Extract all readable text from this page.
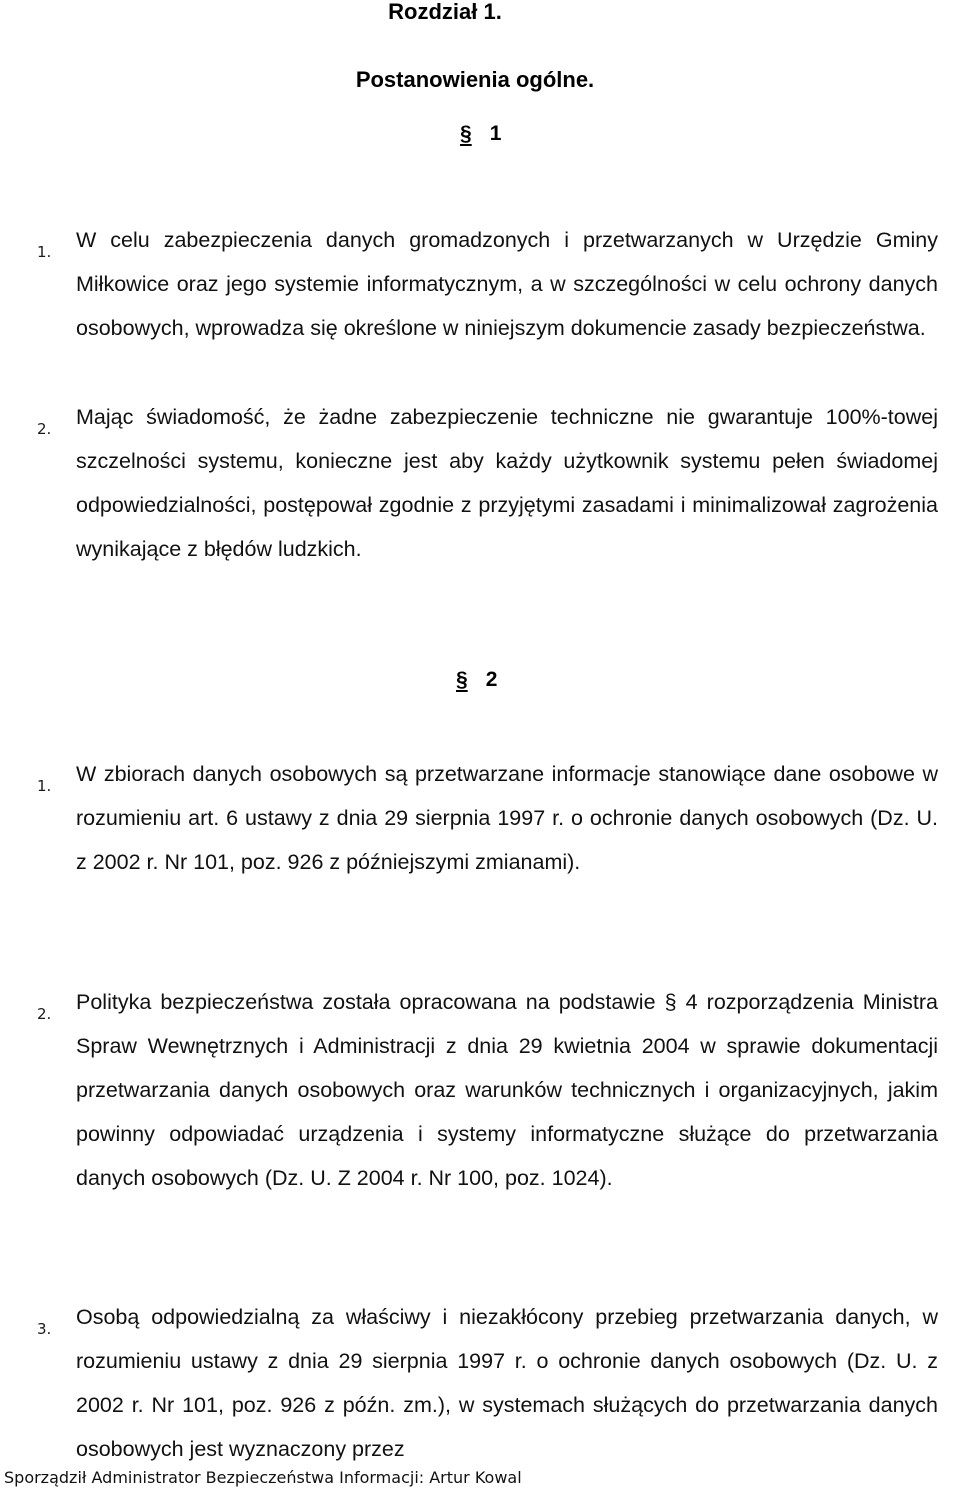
Rozdział 1.
Postanowienia ogólne.
§ 1
1. W celu zabezpieczenia danych gromadzonych i przetwarzanych w Urzędzie Gminy Miłkowice oraz jego systemie informatycznym, a w szczególności w celu ochrony danych osobowych, wprowadza się określone w niniejszym dokumencie zasady bezpieczeństwa.
2. Mając świadomość, że żadne zabezpieczenie techniczne nie gwarantuje 100%-towej szczelności systemu, konieczne jest aby każdy użytkownik systemu pełen świadomej odpowiedzialności, postępował zgodnie z przyjętymi zasadami i minimalizował zagrożenia wynikające z błędów ludzkich.
§ 2
1. W zbiorach danych osobowych są przetwarzane informacje stanowiące dane osobowe w rozumieniu art. 6 ustawy z dnia 29 sierpnia 1997 r. o ochronie danych osobowych (Dz. U. z 2002 r. Nr 101, poz. 926 z późniejszymi zmianami).
2. Polityka bezpieczeństwa została opracowana na podstawie § 4 rozporządzenia Ministra Spraw Wewnętrznych i Administracji z dnia 29 kwietnia 2004 w sprawie dokumentacji przetwarzania danych osobowych oraz warunków technicznych i organizacyjnych, jakim powinny odpowiadać urządzenia i systemy informatyczne służące do przetwarzania danych osobowych (Dz. U. Z 2004 r. Nr 100, poz. 1024).
3. Osobą odpowiedzialną za właściwy i niezakłócony przebieg przetwarzania danych, w rozumieniu ustawy z dnia 29 sierpnia 1997 r. o ochronie danych osobowych (Dz. U. z 2002 r. Nr 101, poz. 926 z późn. zm.), w systemach służących do przetwarzania danych osobowych jest wyznaczony przez
Sporządził Administrator Bezpieczeństwa Informacji: Artur Kowal
